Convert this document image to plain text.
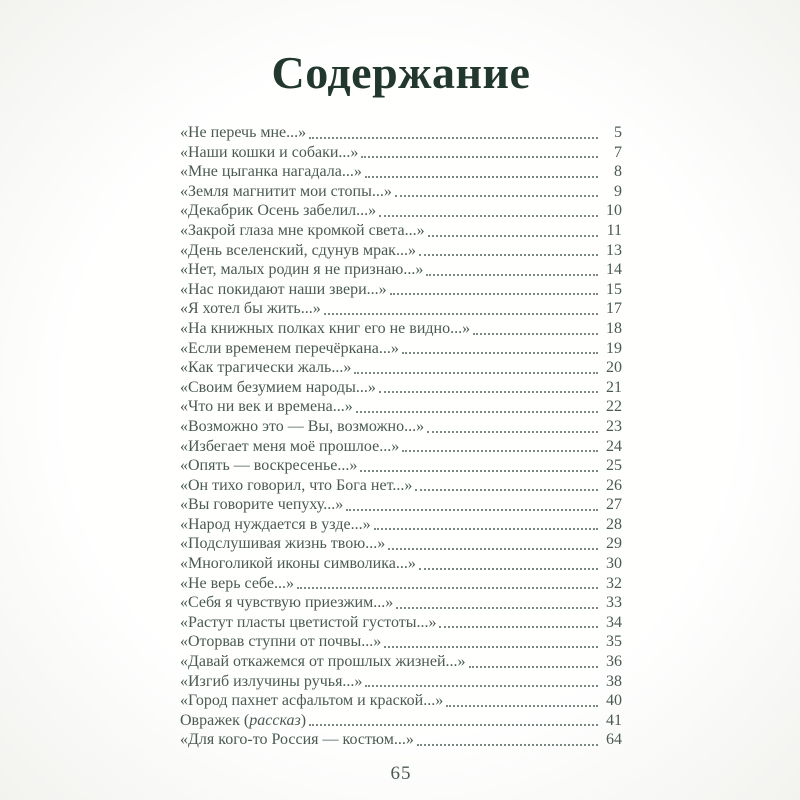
Содержание
«Не перечь мне...»	5
«Наши кошки и собаки...»	7
«Мне цыганка нагадала...»	8
«Земля магнитит мои стопы...»	9
«Декабрик Осень забелил...»	10
«Закрой глаза мне кромкой света...»	11
«День вселенский, сдунув мрак...»	13
«Нет, малых родин я не признаю...»	14
«Нас покидают наши звери...»	15
«Я хотел бы жить...»	17
«На книжных полках книг его не видно...»	18
«Если временем перечёркана...»	19
«Как трагически жаль...»	20
«Своим безумием народы...»	21
«Что ни век и времена...»	22
«Возможно это — Вы, возможно...»	23
«Избегает меня моё прошлое...»	24
«Опять — воскресенье...»	25
«Он тихо говорил, что Бога нет...»	26
«Вы говорите чепуху...»	27
«Народ нуждается в узде...»	28
«Подслушивая жизнь твою...»	29
«Многоликой иконы символика...»	30
«Не верь себе...»	32
«Себя я чувствую приезжим...»	33
«Растут пласты цветистой густоты...»	34
«Оторвав ступни от почвы...»	35
«Давай откажемся от прошлых жизней...»	36
«Изгиб излучины ручья...»	38
«Город пахнет асфальтом и краской...»	40
Овражек (рассказ)	41
«Для кого-то Россия — костюм...»	64
65
